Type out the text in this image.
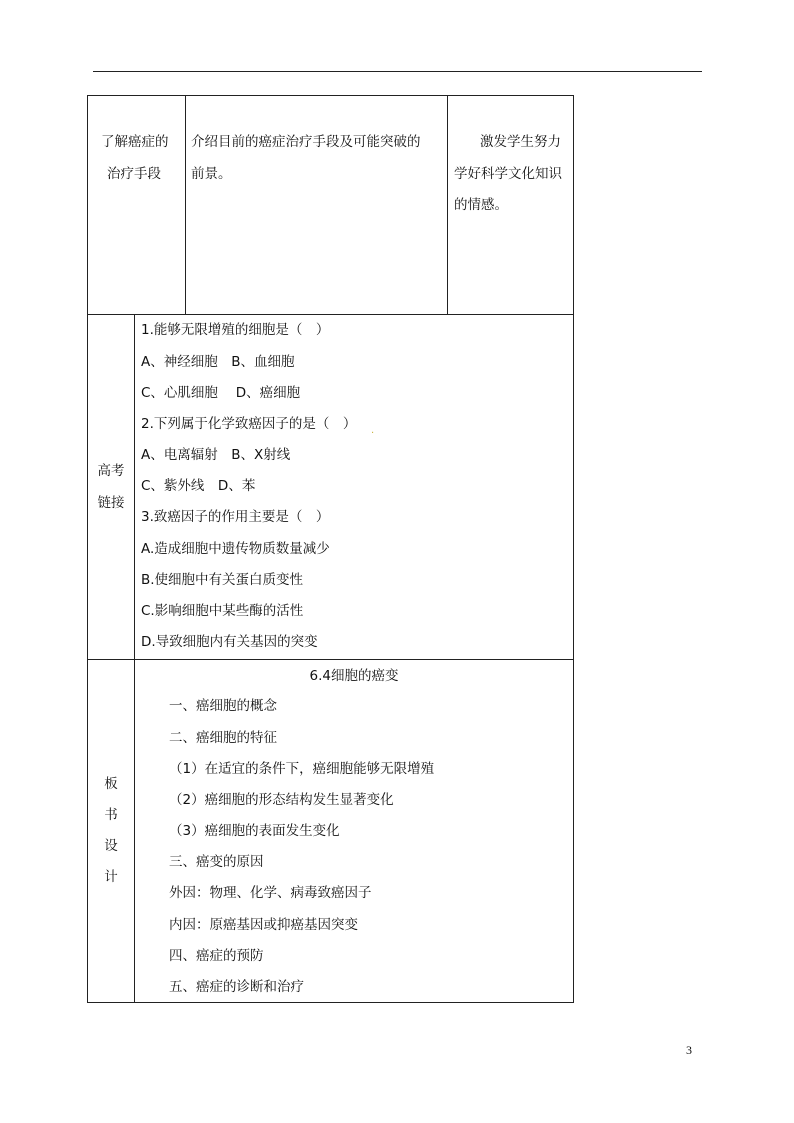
了解癌症的
治疗手段
介绍目前的癌症治疗手段及可能突破的
前景。
激发学生努力
学好科学文化知识
的情感。
高考
链接
1.能够无限增殖的细胞是（　）
A、神经细胞　B、血细胞
C、心肌细胞　 D、癌细胞
2.下列属于化学致癌因子的是（　）
A、电离辐射　B、X射线
C、紫外线　D、苯
3.致癌因子的作用主要是（　）
A.造成细胞中遗传物质数量减少
B.使细胞中有关蛋白质变性
C.影响细胞中某些酶的活性
D.导致细胞内有关基因的突变
.
板
书
设
计
6.4细胞的癌变
一、癌细胞的概念
二、癌细胞的特征
（1）在适宜的条件下，癌细胞能够无限增殖
（2）癌细胞的形态结构发生显著变化
（3）癌细胞的表面发生变化
三、癌变的原因
外因：物理、化学、病毒致癌因子
内因：原癌基因或抑癌基因突变
四、癌症的预防
五、癌症的诊断和治疗
3
